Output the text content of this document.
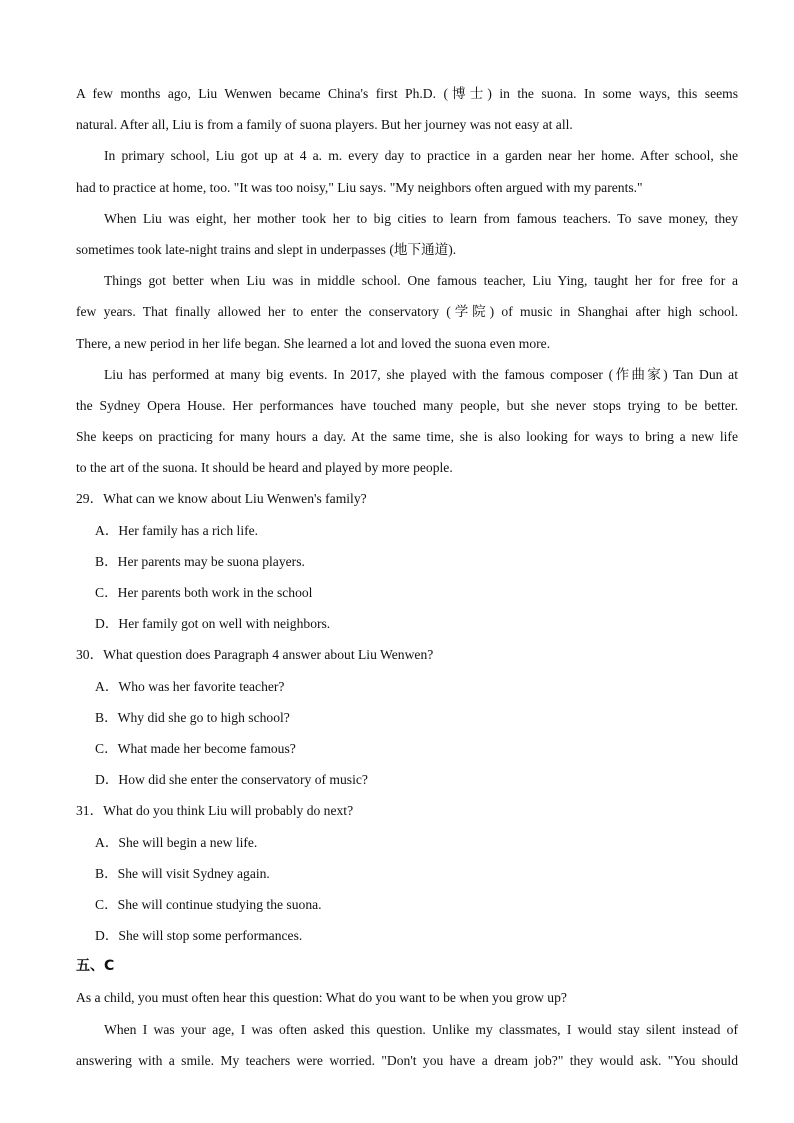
A few months ago, Liu Wenwen became China's first Ph.D. (博士) in the suona. In some ways, this seems
natural. After all, Liu is from a family of suona players. But her journey was not easy at all.
In primary school, Liu got up at 4 a. m. every day to practice in a garden near her home. After school, she
had to practice at home, too. "It was too noisy," Liu says. "My neighbors often argued with my parents."
When Liu was eight, her mother took her to big cities to learn from famous teachers. To save money, they
sometimes took late-night trains and slept in underpasses (地下通道).
Things got better when Liu was in middle school. One famous teacher, Liu Ying, taught her for free for a
few years. That finally allowed her to enter the conservatory (学院) of music in Shanghai after high school.
There, a new period in her life began. She learned a lot and loved the suona even more.
Liu has performed at many big events. In 2017, she played with the famous composer (作曲家) Tan Dun at
the Sydney Opera House. Her performances have touched many people, but she never stops trying to be better.
She keeps on practicing for many hours a day. At the same time, she is also looking for ways to bring a new life
to the art of the suona. It should be heard and played by more people.
29．What can we know about Liu Wenwen's family?
A．Her family has a rich life.
B．Her parents may be suona players.
C．Her parents both work in the school
D．Her family got on well with neighbors.
30．What question does Paragraph 4 answer about Liu Wenwen?
A．Who was her favorite teacher?
B．Why did she go to high school?
C．What made her become famous?
D．How did she enter the conservatory of music?
31．What do you think Liu will probably do next?
A．She will begin a new life.
B．She will visit Sydney again.
C．She will continue studying the suona.
D．She will stop some performances.
五、C
As a child, you must often hear this question: What do you want to be when you grow up?
When I was your age, I was often asked this question. Unlike my classmates, I would stay silent instead of
answering with a smile. My teachers were worried. "Don't you have a dream job?" they would ask. "You should
